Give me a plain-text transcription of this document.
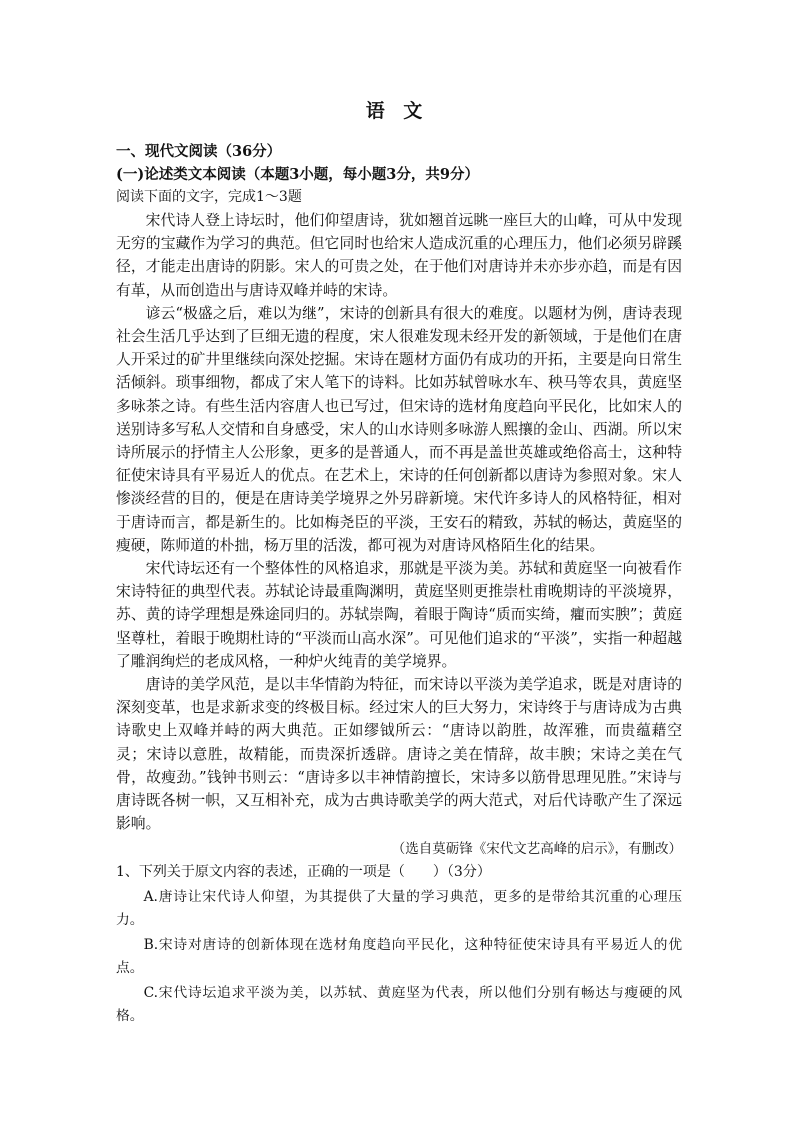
语 文

一、现代文阅读（36分）

(一)论述类文本阅读（本题3小题，每小题3分，共9分）

阅读下面的文字，完成1～3题

宋代诗人登上诗坛时，他们仰望唐诗，犹如翘首远眺一座巨大的山峰，可从中发现无穷的宝藏作为学习的典范。但它同时也给宋人造成沉重的心理压力，他们必须另辟蹊径，才能走出唐诗的阴影。宋人的可贵之处，在于他们对唐诗并未亦步亦趋，而是有因有革，从而创造出与唐诗双峰并峙的宋诗。

谚云“极盛之后，难以为继”，宋诗的创新具有很大的难度。以题材为例，唐诗表现社会生活几乎达到了巨细无遗的程度，宋人很难发现未经开发的新领域，于是他们在唐人开采过的矿井里继续向深处挖掘。宋诗在题材方面仍有成功的开拓，主要是向日常生活倾斜。琐事细物，都成了宋人笔下的诗料。比如苏轼曾咏水车、秧马等农具，黄庭坚多咏茶之诗。有些生活内容唐人也已写过，但宋诗的选材角度趋向平民化，比如宋人的送别诗多写私人交情和自身感受，宋人的山水诗则多咏游人熙攘的金山、西湖。所以宋诗所展示的抒情主人公形象，更多的是普通人，而不再是盖世英雄或绝俗高士，这种特征使宋诗具有平易近人的优点。在艺术上，宋诗的任何创新都以唐诗为参照对象。宋人惨淡经营的目的，便是在唐诗美学境界之外另辟新境。宋代许多诗人的风格特征，相对于唐诗而言，都是新生的。比如梅尧臣的平淡，王安石的精致，苏轼的畅达，黄庭坚的瘦硬，陈师道的朴拙，杨万里的活泼，都可视为对唐诗风格陌生化的结果。

宋代诗坛还有一个整体性的风格追求，那就是平淡为美。苏轼和黄庭坚一向被看作宋诗特征的典型代表。苏轼论诗最重陶渊明，黄庭坚则更推崇杜甫晚期诗的平淡境界，苏、黄的诗学理想是殊途同归的。苏轼崇陶，着眼于陶诗“质而实绮，癯而实腴”；黄庭坚尊杜，着眼于晚期杜诗的“平淡而山高水深”。可见他们追求的“平淡”，实指一种超越了雕润绚烂的老成风格，一种炉火纯青的美学境界。

唐诗的美学风范，是以丰华情韵为特征，而宋诗以平淡为美学追求，既是对唐诗的深刻变革，也是求新求变的终极目标。经过宋人的巨大努力，宋诗终于与唐诗成为古典诗歌史上双峰并峙的两大典范。正如缪钺所云：“唐诗以韵胜，故浑雅，而贵蕴藉空灵；宋诗以意胜，故精能，而贵深折透辟。唐诗之美在情辞，故丰腴；宋诗之美在气骨，故瘦劲。”钱钟书则云：“唐诗多以丰神情韵擅长，宋诗多以筋骨思理见胜。”宋诗与唐诗既各树一帜，又互相补充，成为古典诗歌美学的两大范式，对后代诗歌产生了深远影响。

（选自莫砺锋《宋代文艺高峰的启示》，有删改）

1、下列关于原文内容的表述，正确的一项是（　　）（3分）

A.唐诗让宋代诗人仰望，为其提供了大量的学习典范，更多的是带给其沉重的心理压力。

B.宋诗对唐诗的创新体现在选材角度趋向平民化，这种特征使宋诗具有平易近人的优点。

C.宋代诗坛追求平淡为美，以苏轼、黄庭坚为代表，所以他们分别有畅达与瘦硬的风格。
